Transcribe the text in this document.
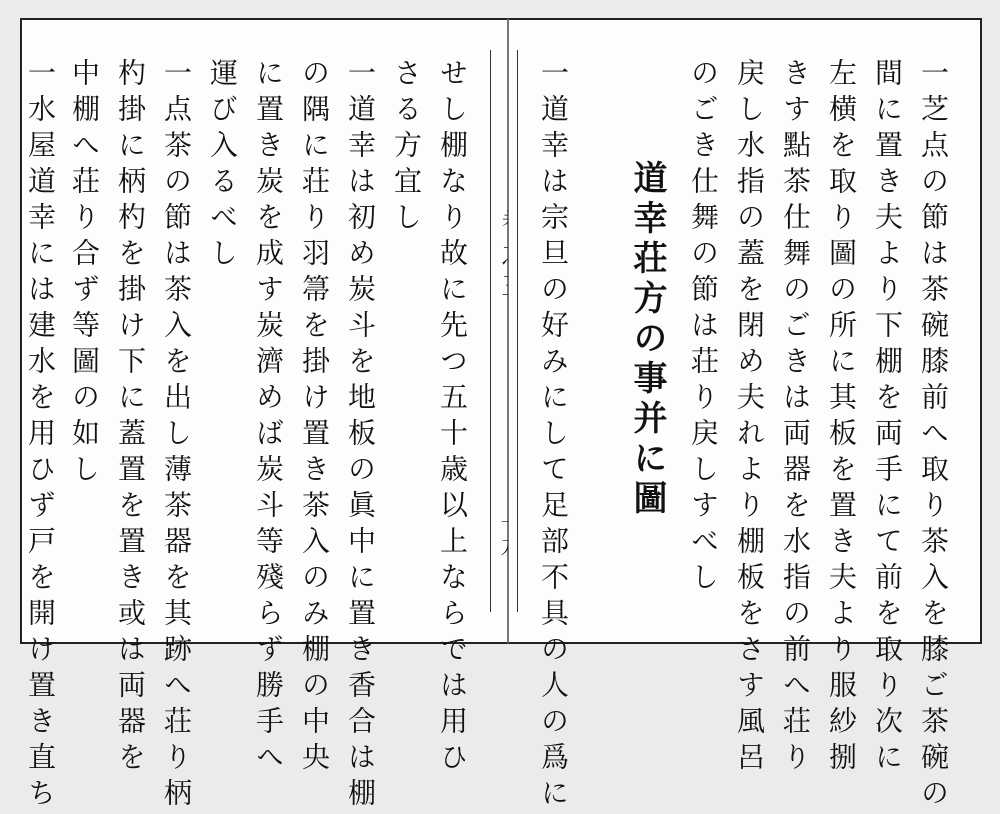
せし棚なり故に先つ五十歳以上ならでは用ひ
さる方宜し
一道幸は初め炭斗を地板の眞中に置き香合は棚
の隅に荘り羽箒を掛け置き茶入のみ棚の中央
に置き炭を成す炭濟めば炭斗等殘らず勝手へ
運び入るべし
一点茶の節は茶入を出し薄茶器を其跡へ荘り柄
杓掛に柄杓を掛け下に蓋置を置き或は両器を
中棚へ荘り合ず等圖の如し
一水屋道幸には建水を用ひず戸を開け置き直ち	一芝点の節は茶碗膝前へ取り茶入を膝ご茶碗の
間に置き夫より下棚を両手にて前を取り次に
左横を取り圖の所に其板を置き夫より服紗捌
きす點茶仕舞のごきは両器を水指の前へ荘り
戻し水指の蓋を閉め夫れより棚板をさす風呂
のごき仕舞の節は荘り戻しすべし
道幸荘方の事并に圖
一道幸は宗旦の好みにして足部不具の人の爲に
